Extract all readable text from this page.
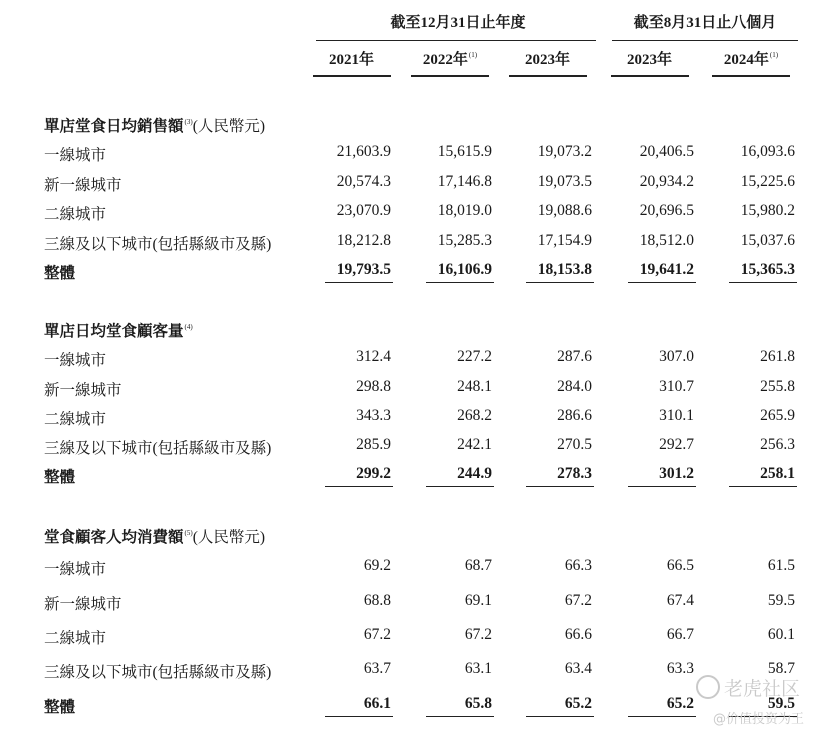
截至12月31日止年度	截至8月31日止八個月
2021年	2022年$^{(1)}$	2023年	2023年	2024年$^{(1)}$
單店堂食日均銷售額$^{(3)}$(人民幣元)
一線城市	21,603.9	15,615.9	19,073.2	20,406.5	16,093.6
新一線城市	20,574.3	17,146.8	19,073.5	20,934.2	15,225.6
二線城市	23,070.9	18,019.0	19,088.6	20,696.5	15,980.2
三線及以下城市(包括縣級市及縣)	18,212.8	15,285.3	17,154.9	18,512.0	15,037.6
整體	19,793.5	16,106.9	18,153.8	19,641.2	15,365.3
單店日均堂食顧客量$^{(4)}$
一線城市	312.4	227.2	287.6	307.0	261.8
新一線城市	298.8	248.1	284.0	310.7	255.8
二線城市	343.3	268.2	286.6	310.1	265.9
三線及以下城市(包括縣級市及縣)	285.9	242.1	270.5	292.7	256.3
整體	299.2	244.9	278.3	301.2	258.1
堂食顧客人均消費額$^{(5)}$(人民幣元)
一線城市	69.2	68.7	66.3	66.5	61.5
新一線城市	68.8	69.1	67.2	67.4	59.5
二線城市	67.2	67.2	66.6	66.7	60.1
三線及以下城市(包括縣級市及縣)	63.7	63.1	63.4	63.3	58.7
整體	66.1	65.8	65.2	65.2	59.5
老虎社区
@价值投资为王
